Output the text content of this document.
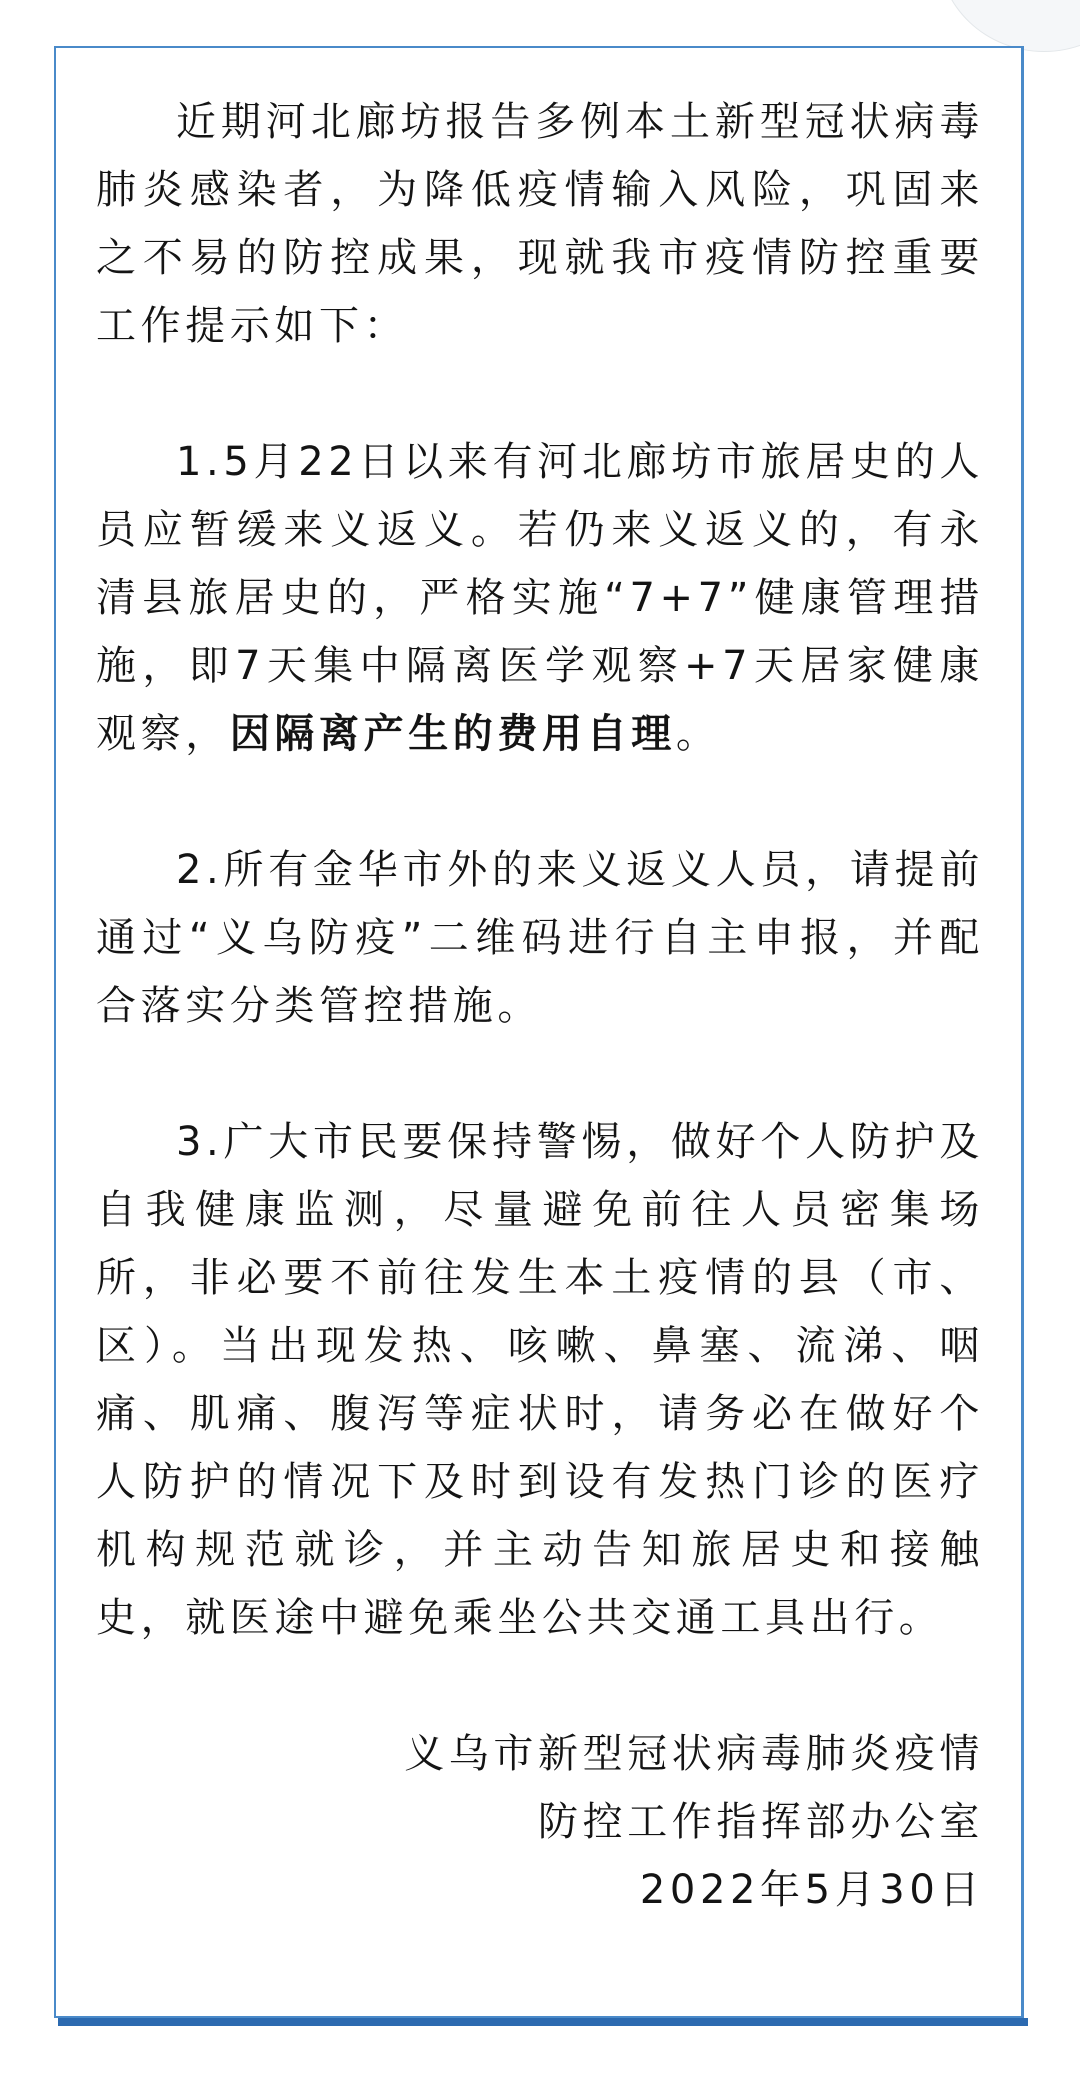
近期河北廊坊报告多例本土新型冠状病毒肺炎感染者，为降低疫情输入风险，巩固来之不易的防控成果，现就我市疫情防控重要工作提示如下：

1.5月22日以来有河北廊坊市旅居史的人员应暂缓来义返义。若仍来义返义的，有永清县旅居史的，严格实施“7+7”健康管理措施，即7天集中隔离医学观察+7天居家健康观察，因隔离产生的费用自理。

2.所有金华市外的来义返义人员，请提前通过“义乌防疫”二维码进行自主申报，并配合落实分类管控措施。

3.广大市民要保持警惕，做好个人防护及自我健康监测，尽量避免前往人员密集场所，非必要不前往发生本土疫情的县（市、区）。当出现发热、咳嗽、鼻塞、流涕、咽痛、肌痛、腹泻等症状时，请务必在做好个人防护的情况下及时到设有发热门诊的医疗机构规范就诊，并主动告知旅居史和接触史，就医途中避免乘坐公共交通工具出行。

义乌市新型冠状病毒肺炎疫情
防控工作指挥部办公室
2022年5月30日
